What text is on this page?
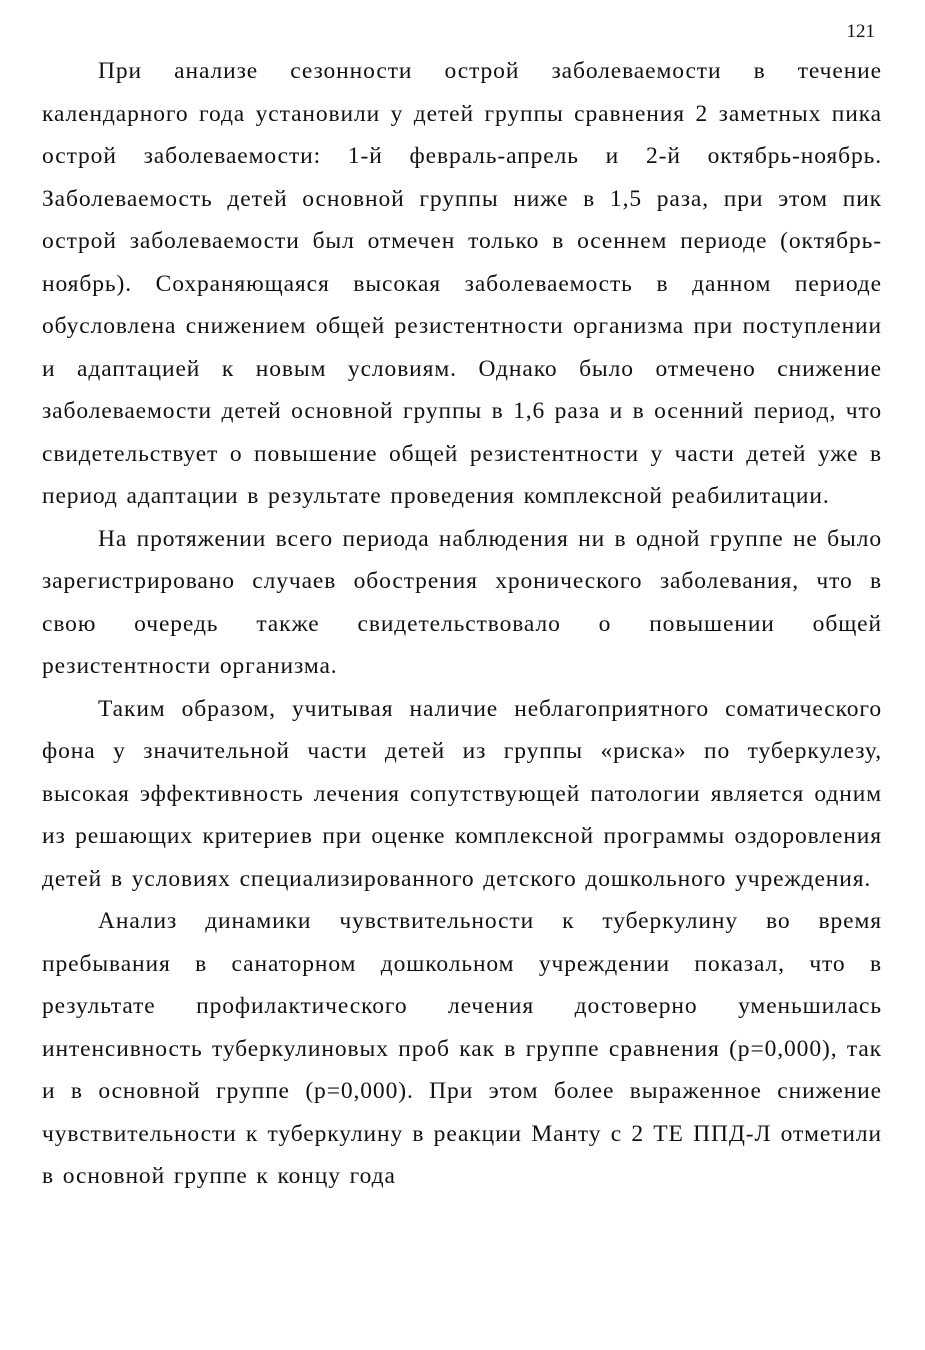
121

При анализе сезонности острой заболеваемости в течение календарного года установили у детей группы сравнения 2 заметных пика острой заболеваемости: 1-й февраль-апрель и 2-й октябрь-ноябрь. Заболеваемость детей основной группы ниже в 1,5 раза, при этом пик острой заболеваемости был отмечен только в осеннем периоде (октябрь-ноябрь). Сохраняющаяся высокая заболеваемость в данном периоде обусловлена снижением общей резистентности организма при поступлении и адаптацией к новым условиям. Однако было отмечено снижение заболеваемости детей основной группы в 1,6 раза и в осенний период, что свидетельствует о повышение общей резистентности у части детей уже в период адаптации в результате проведения комплексной реабилитации.

На протяжении всего периода наблюдения ни в одной группе не было зарегистрировано случаев обострения хронического заболевания, что в свою очередь также свидетельствовало о повышении общей резистентности организма.

Таким образом, учитывая наличие неблагоприятного соматического фона у значительной части детей из группы «риска» по туберкулезу, высокая эффективность лечения сопутствующей патологии является одним из решающих критериев при оценке комплексной программы оздоровления детей в условиях специализированного детского дошкольного учреждения.

Анализ динамики чувствительности к туберкулину во время пребывания в санаторном дошкольном учреждении показал, что в результате профилактического лечения достоверно уменьшилась интенсивность туберкулиновых проб как в группе сравнения (р=0,000), так и в основной группе (р=0,000). При этом более выраженное снижение чувствительности к туберкулину в реакции Манту с 2 ТЕ ППД-Л отметили в основной группе к концу года
